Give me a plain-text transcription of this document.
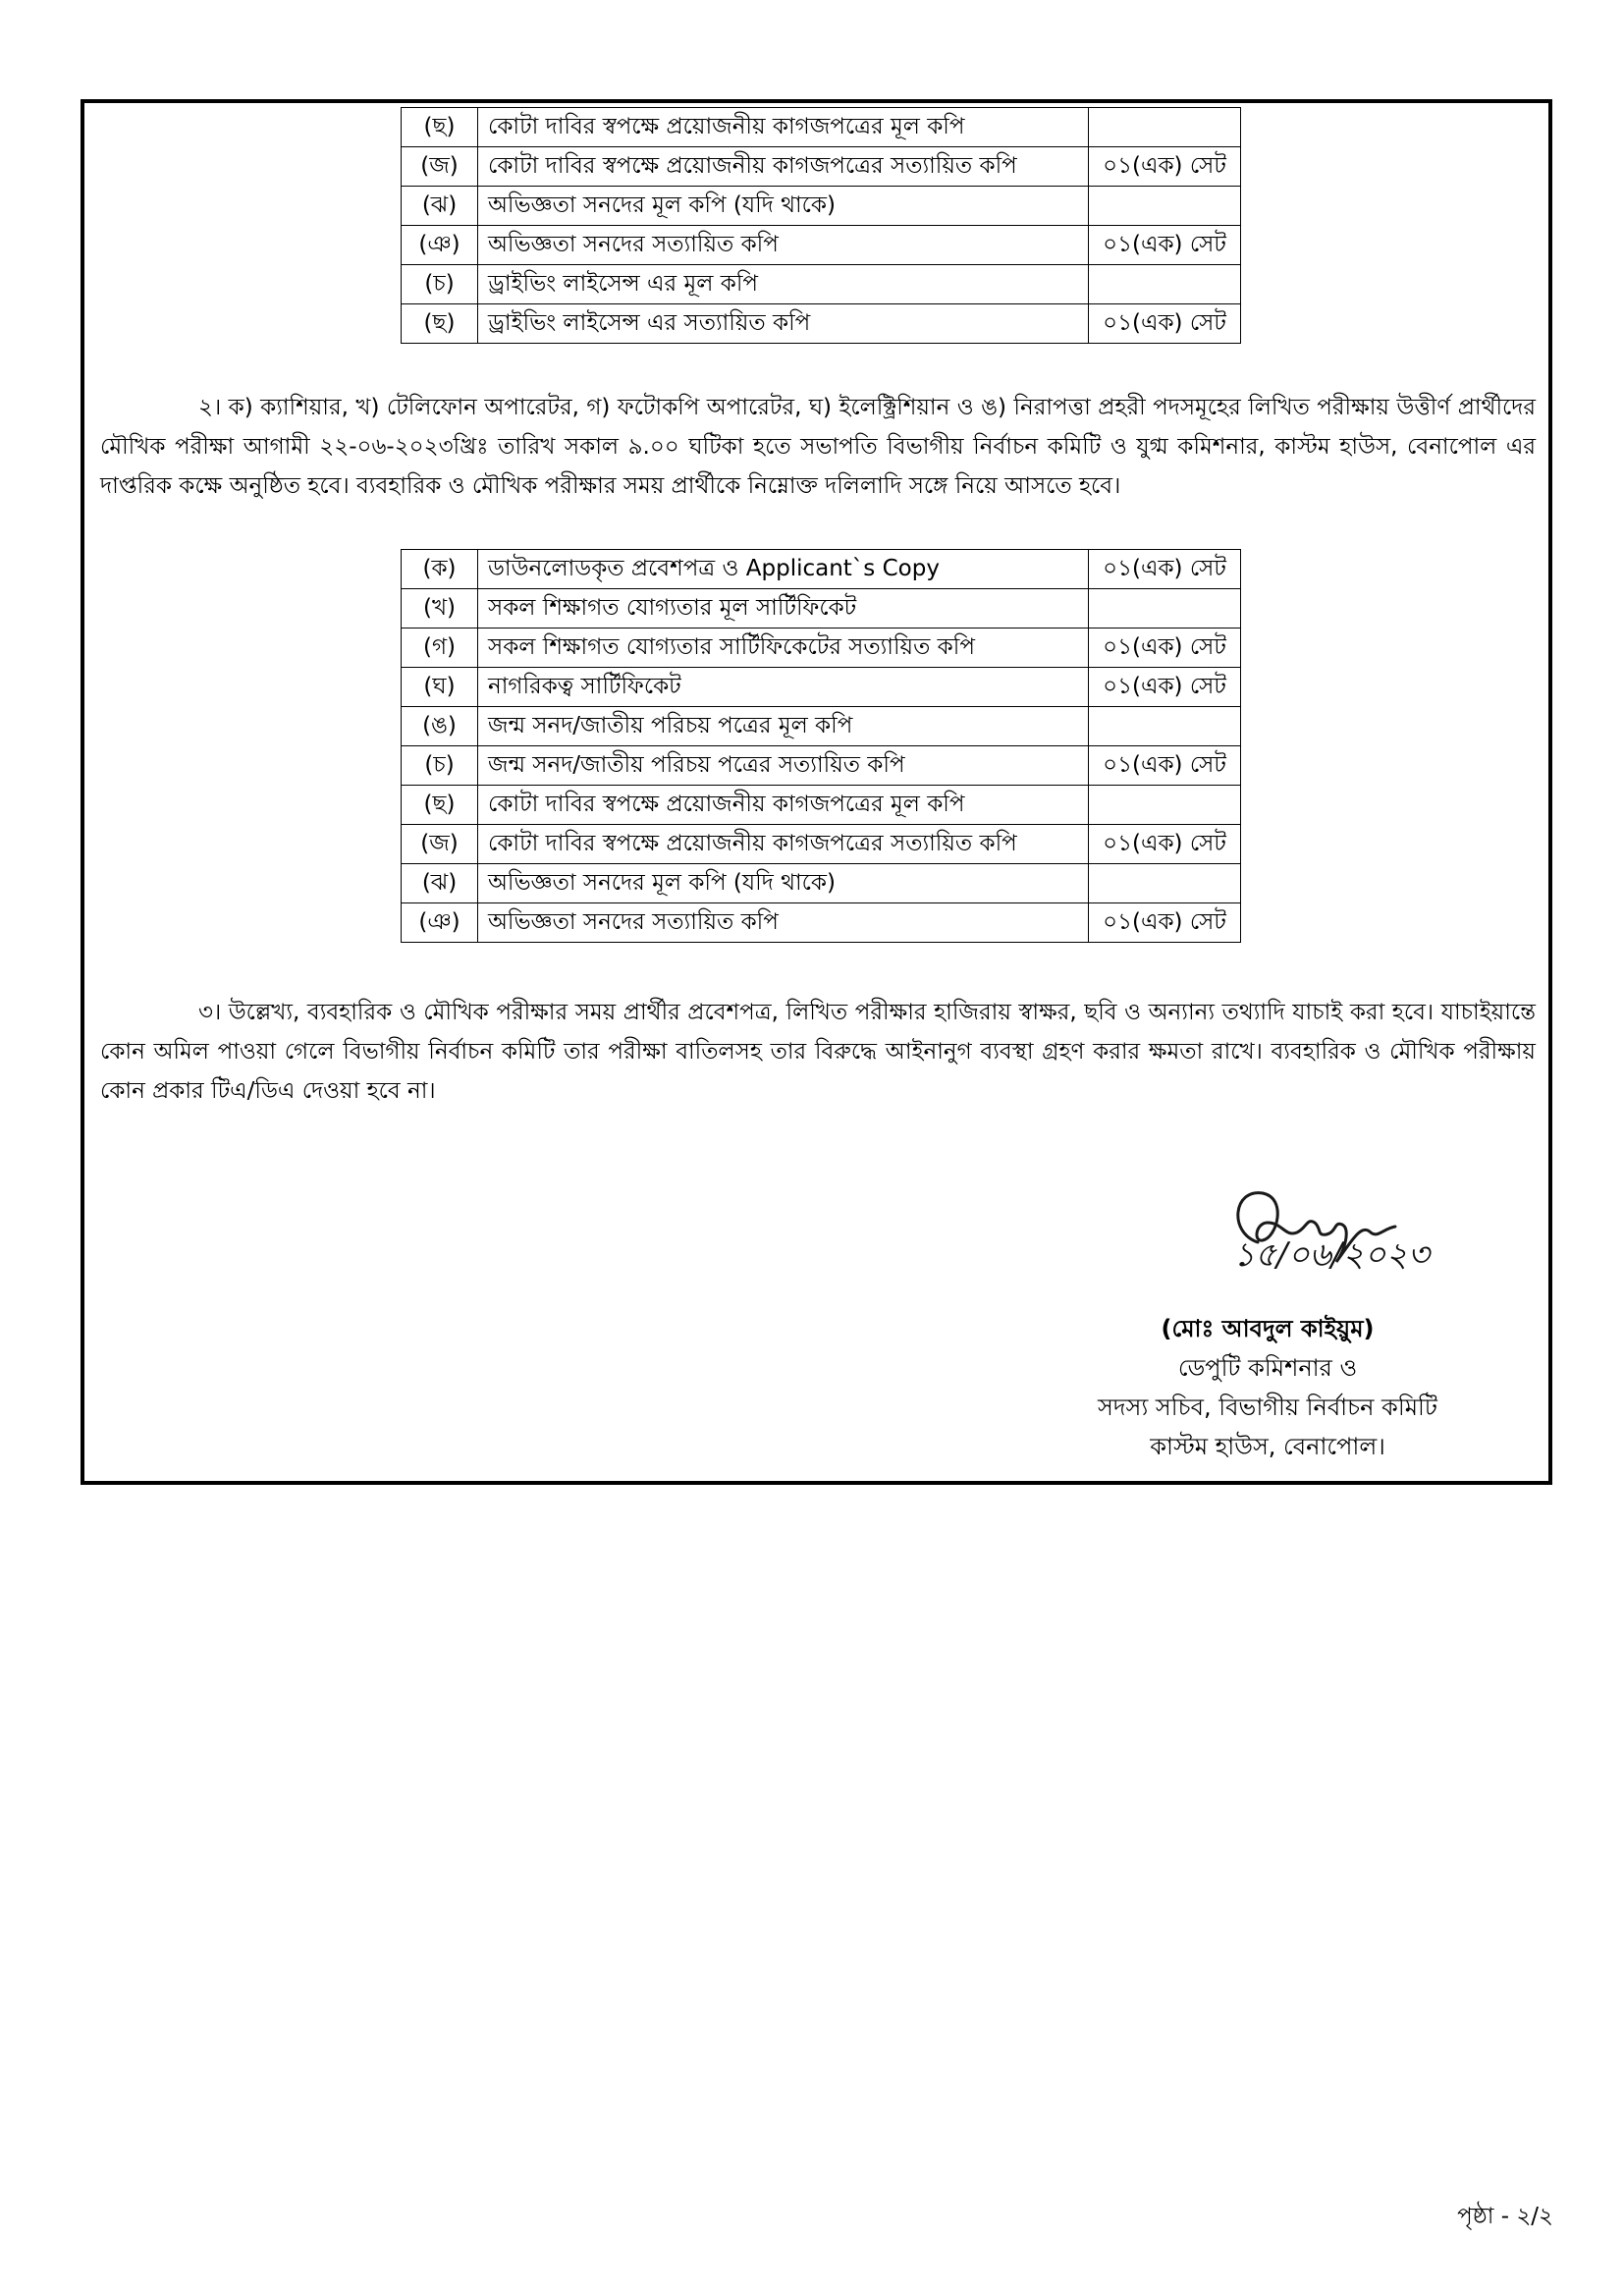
(ছ)	কোটা দাবির স্বপক্ষে প্রয়োজনীয় কাগজপত্রের মূল কপি	
(জ)	কোটা দাবির স্বপক্ষে প্রয়োজনীয় কাগজপত্রের সত্যায়িত কপি	০১(এক) সেট
(ঝ)	অভিজ্ঞতা সনদের মূল কপি (যদি থাকে)	
(ঞ)	অভিজ্ঞতা সনদের সত্যায়িত কপি	০১(এক) সেট
(চ)	ড্রাইভিং লাইসেন্স এর মূল কপি	
(ছ)	ড্রাইভিং লাইসেন্স এর সত্যায়িত কপি	০১(এক) সেট
২। ক) ক্যাশিয়ার, খ) টেলিফোন অপারেটর, গ) ফটোকপি অপারেটর, ঘ) ইলেক্ট্রিশিয়ান ও ঙ) নিরাপত্তা প্রহরী পদসমূহের লিখিত পরীক্ষায় উত্তীর্ণ প্রার্থীদের মৌখিক পরীক্ষা আগামী ২২-০৬-২০২৩খ্রিঃ তারিখ সকাল ৯.০০ ঘটিকা হতে সভাপতি বিভাগীয় নির্বাচন কমিটি ও যুগ্ম কমিশনার, কাস্টম হাউস, বেনাপোল এর দাপ্তরিক কক্ষে অনুষ্ঠিত হবে। ব্যবহারিক ও মৌখিক পরীক্ষার সময় প্রার্থীকে নিম্নোক্ত দলিলাদি সঙ্গে নিয়ে আসতে হবে।
(ক)	ডাউনলোডকৃত প্রবেশপত্র ও Applicant`s Copy	০১(এক) সেট
(খ)	সকল শিক্ষাগত যোগ্যতার মূল সার্টিফিকেট	
(গ)	সকল শিক্ষাগত যোগ্যতার সার্টিফিকেটের সত্যায়িত কপি	০১(এক) সেট
(ঘ)	নাগরিকত্ব সার্টিফিকেট	০১(এক) সেট
(ঙ)	জন্ম সনদ/জাতীয় পরিচয় পত্রের মূল কপি	
(চ)	জন্ম সনদ/জাতীয় পরিচয় পত্রের সত্যায়িত কপি	০১(এক) সেট
(ছ)	কোটা দাবির স্বপক্ষে প্রয়োজনীয় কাগজপত্রের মূল কপি	
(জ)	কোটা দাবির স্বপক্ষে প্রয়োজনীয় কাগজপত্রের সত্যায়িত কপি	০১(এক) সেট
(ঝ)	অভিজ্ঞতা সনদের মূল কপি (যদি থাকে)	
(ঞ)	অভিজ্ঞতা সনদের সত্যায়িত কপি	০১(এক) সেট
৩। উল্লেখ্য, ব্যবহারিক ও মৌখিক পরীক্ষার সময় প্রার্থীর প্রবেশপত্র, লিখিত পরীক্ষার হাজিরায় স্বাক্ষর, ছবি ও অন্যান্য তথ্যাদি যাচাই করা হবে। যাচাইয়ান্তে কোন অমিল পাওয়া গেলে বিভাগীয় নির্বাচন কমিটি তার পরীক্ষা বাতিলসহ তার বিরুদ্ধে আইনানুগ ব্যবস্থা গ্রহণ করার ক্ষমতা রাখে। ব্যবহারিক ও মৌখিক পরীক্ষায় কোন প্রকার টিএ/ডিএ দেওয়া হবে না।
১৫/০৬/২০২৩
(মোঃ আবদুল কাইয়ুম)
ডেপুটি কমিশনার ও
সদস্য সচিব, বিভাগীয় নির্বাচন কমিটি
কাস্টম হাউস, বেনাপোল।
পৃষ্ঠা - ২/২
